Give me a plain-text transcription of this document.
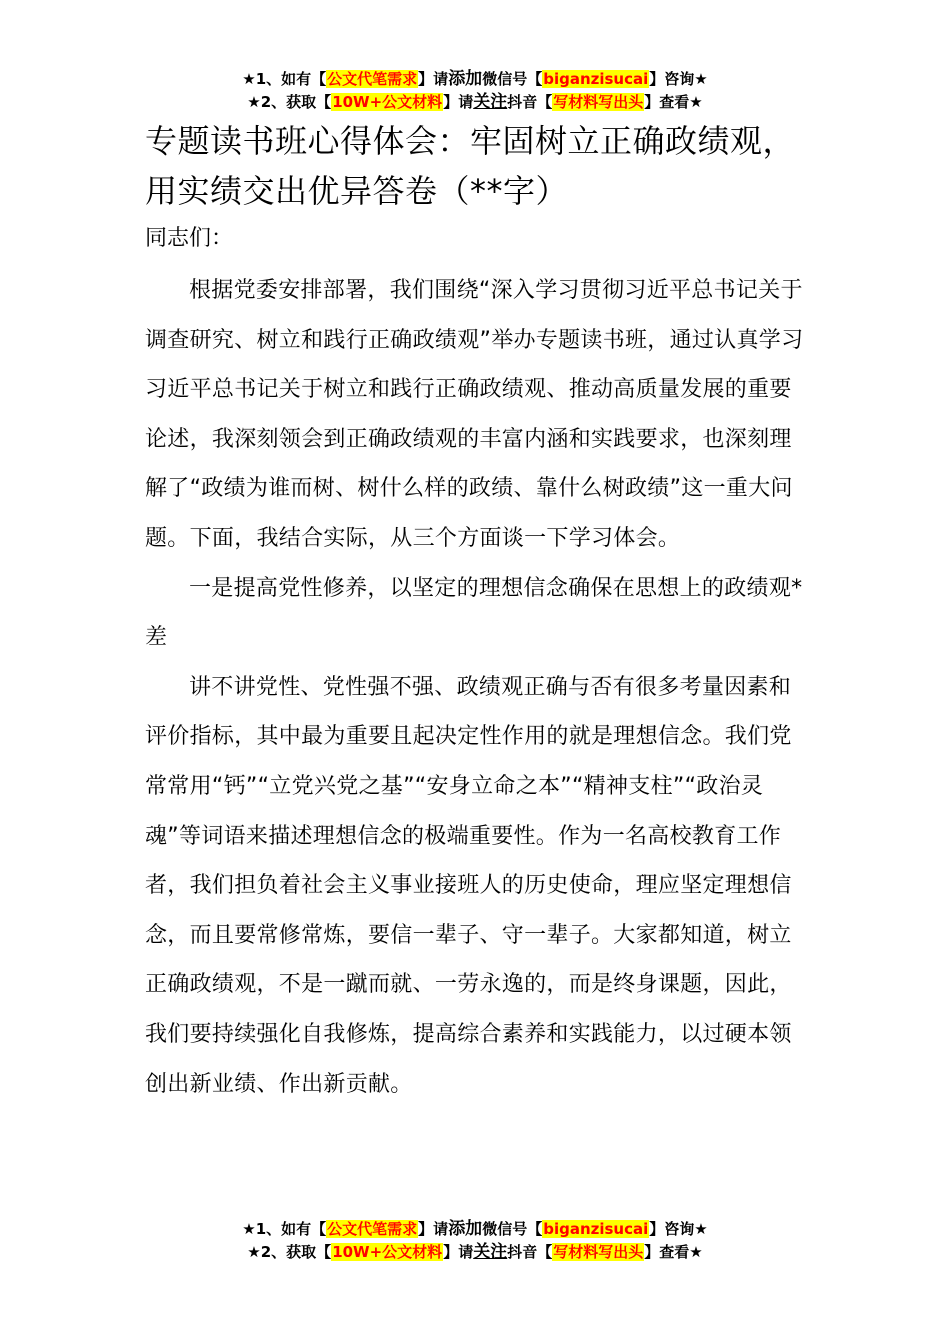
★1、如有【公文代笔需求】请添加微信号【biganzisucai】咨询★
★2、获取【10W+公文材料】请关注抖音【写材料写出头】查看★
专题读书班心得体会：牢固树立正确政绩观，用实绩交出优异答卷（**字）

同志们：

根据党委安排部署，我们围绕“深入学习贯彻习近平总书记关于调查研究、树立和践行正确政绩观”举办专题读书班，通过认真学习习近平总书记关于树立和践行正确政绩观、推动高质量发展的重要论述，我深刻领会到正确政绩观的丰富内涵和实践要求，也深刻理解了“政绩为谁而树、树什么样的政绩、靠什么树政绩”这一重大问题。下面，我结合实际，从三个方面谈一下学习体会。

一是提高党性修养，以坚定的理想信念确保在思想上的政绩观*差

讲不讲党性、党性强不强、政绩观正确与否有很多考量因素和评价指标，其中最为重要且起决定性作用的就是理想信念。我们党常常用“钙”“立党兴党之基”“安身立命之本”“精神支柱”“政治灵魂”等词语来描述理想信念的极端重要性。作为一名高校教育工作者，我们担负着社会主义事业接班人的历史使命，理应坚定理想信念，而且要常修常炼，要信一辈子、守一辈子。大家都知道，树立正确政绩观，不是一蹴而就、一劳永逸的，而是终身课题，因此，我们要持续强化自我修炼，提高综合素养和实践能力，以过硬本领创出新业绩、作出新贡献。

★1、如有【公文代笔需求】请添加微信号【biganzisucai】咨询★
★2、获取【10W+公文材料】请关注抖音【写材料写出头】查看★
